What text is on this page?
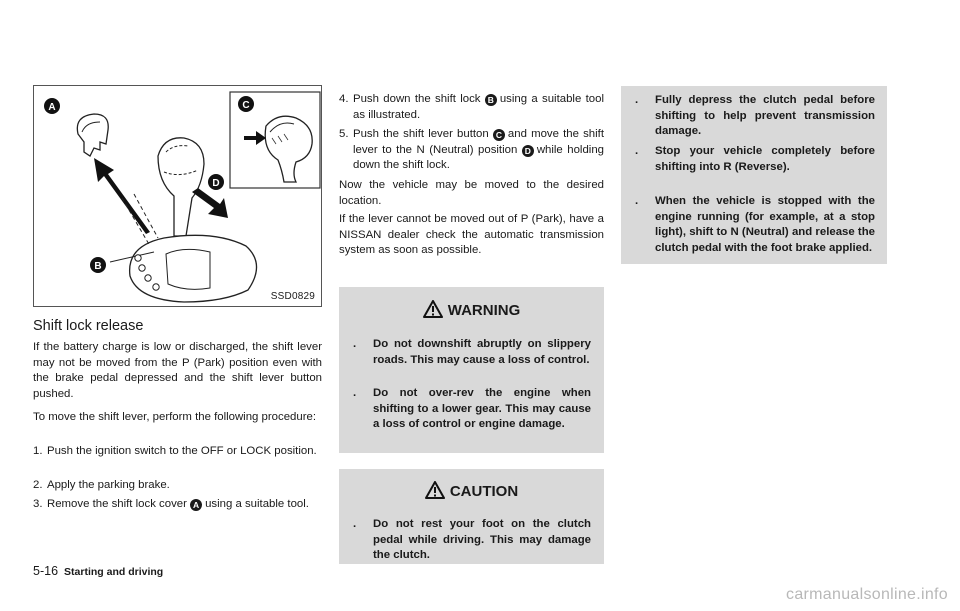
A	C
D
B
SSD0829
Shift lock release

If the battery charge is low or discharged, the shift lever may not be moved from the P (Park) position even with the brake pedal depressed and the shift lever button pushed.

To move the shift lever, perform the following procedure:

1. Push the ignition switch to the OFF or LOCK position.
2. Apply the parking brake.
3. Remove the shift lock cover A using a suitable tool.
4. Push down the shift lock B using a suitable tool as illustrated.
5. Push the shift lever button C and move the shift lever to the N (Neutral) position D while holding down the shift lock.

Now the vehicle may be moved to the desired location.

If the lever cannot be moved out of P (Park), have a NISSAN dealer check the automatic transmission system as soon as possible.

WARNING
. Do not downshift abruptly on slippery roads. This may cause a loss of control.
. Do not over-rev the engine when shifting to a lower gear. This may cause a loss of control or engine damage.
CAUTION
. Do not rest your foot on the clutch pedal while driving. This may damage the clutch.
. Fully depress the clutch pedal before shifting to help prevent transmission damage.
. Stop your vehicle completely before shifting into R (Reverse).
. When the vehicle is stopped with the engine running (for example, at a stop light), shift to N (Neutral) and release the clutch pedal with the foot brake applied.
5-16 Starting and driving
carmanualsonline.info
